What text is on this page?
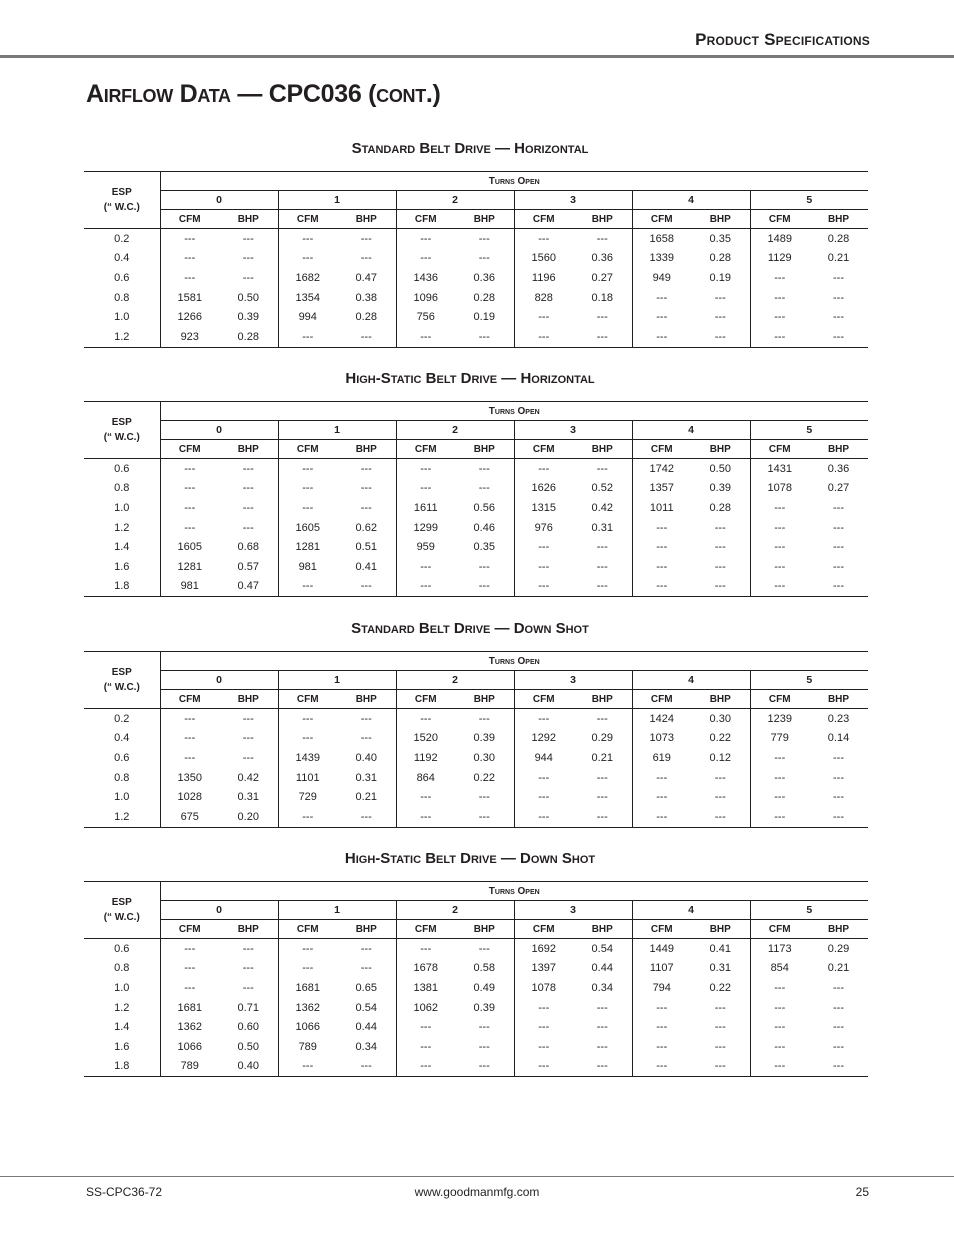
Product Specifications
Airflow Data — CPC036 (cont.)
Standard Belt Drive — Horizontal
ESP
(“ W.C.)	Turns Open											
	0		1		2		3		4		5	
	CFM	BHP	CFM	BHP	CFM	BHP	CFM	BHP	CFM	BHP	CFM	BHP
0.2	---	---	---	---	---	---	---	---	1658	0.35	1489	0.28
0.4	---	---	---	---	---	---	1560	0.36	1339	0.28	1129	0.21
0.6	---	---	1682	0.47	1436	0.36	1196	0.27	949	0.19	---	---
0.8	1581	0.50	1354	0.38	1096	0.28	828	0.18	---	---	---	---
1.0	1266	0.39	994	0.28	756	0.19	---	---	---	---	---	---
1.2	923	0.28	---	---	---	---	---	---	---	---	---	---
High-Static Belt Drive — Horizontal
ESP
(“ W.C.)	Turns Open											
	0		1		2		3		4		5	
	CFM	BHP	CFM	BHP	CFM	BHP	CFM	BHP	CFM	BHP	CFM	BHP
0.6	---	---	---	---	---	---	---	---	1742	0.50	1431	0.36
0.8	---	---	---	---	---	---	1626	0.52	1357	0.39	1078	0.27
1.0	---	---	---	---	1611	0.56	1315	0.42	1011	0.28	---	---
1.2	---	---	1605	0.62	1299	0.46	976	0.31	---	---	---	---
1.4	1605	0.68	1281	0.51	959	0.35	---	---	---	---	---	---
1.6	1281	0.57	981	0.41	---	---	---	---	---	---	---	---
1.8	981	0.47	---	---	---	---	---	---	---	---	---	---
Standard Belt Drive — Down Shot
ESP
(“ W.C.)	Turns Open											
	0		1		2		3		4		5	
	CFM	BHP	CFM	BHP	CFM	BHP	CFM	BHP	CFM	BHP	CFM	BHP
0.2	---	---	---	---	---	---	---	---	1424	0.30	1239	0.23
0.4	---	---	---	---	1520	0.39	1292	0.29	1073	0.22	779	0.14
0.6	---	---	1439	0.40	1192	0.30	944	0.21	619	0.12	---	---
0.8	1350	0.42	1101	0.31	864	0.22	---	---	---	---	---	---
1.0	1028	0.31	729	0.21	---	---	---	---	---	---	---	---
1.2	675	0.20	---	---	---	---	---	---	---	---	---	---
High-Static Belt Drive — Down Shot
ESP
(“ W.C.)	Turns Open											
	0		1		2		3		4		5	
	CFM	BHP	CFM	BHP	CFM	BHP	CFM	BHP	CFM	BHP	CFM	BHP
0.6	---	---	---	---	---	---	1692	0.54	1449	0.41	1173	0.29
0.8	---	---	---	---	1678	0.58	1397	0.44	1107	0.31	854	0.21
1.0	---	---	1681	0.65	1381	0.49	1078	0.34	794	0.22	---	---
1.2	1681	0.71	1362	0.54	1062	0.39	---	---	---	---	---	---
1.4	1362	0.60	1066	0.44	---	---	---	---	---	---	---	---
1.6	1066	0.50	789	0.34	---	---	---	---	---	---	---	---
1.8	789	0.40	---	---	---	---	---	---	---	---	---	---
SS-CPC36-72	www.goodmanmfg.com	25
